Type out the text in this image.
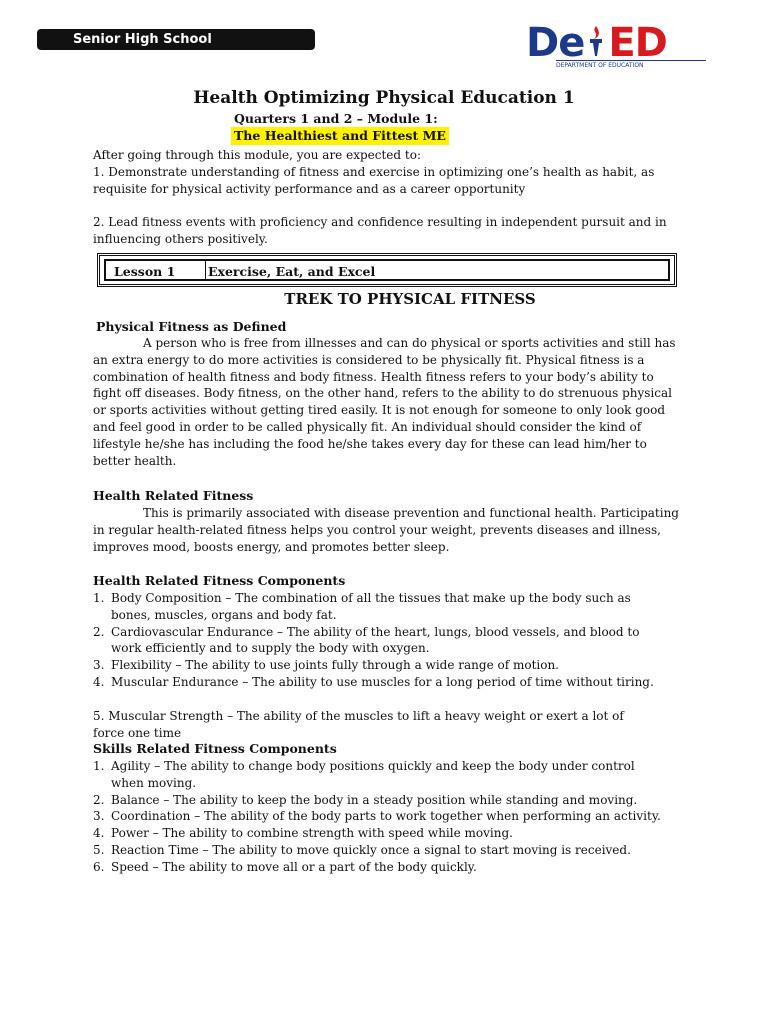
Senior High School	De ED
DEPARTMENT OF EDUCATION
Health Optimizing Physical Education 1
Quarters 1 and 2 – Module 1:
The Healthiest and Fittest ME

After going through this module, you are expected to:

1. Demonstrate understanding of fitness and exercise in optimizing one’s health as habit, as requisite for physical activity performance and as a career opportunity

2. Lead fitness events with proficiency and confidence resulting in independent pursuit and in influencing others positively.

Lesson 1	Exercise, Eat, and Excel
TREK TO PHYSICAL FITNESS
Physical Fitness as Defined

A person who is free from illnesses and can do physical or sports activities and still has an extra energy to do more activities is considered to be physically fit. Physical fitness is a combination of health fitness and body fitness. Health fitness refers to your body’s ability to fight off diseases. Body fitness, on the other hand, refers to the ability to do strenuous physical or sports activities without getting tired easily. It is not enough for someone to only look good and feel good in order to be called physically fit. An individual should consider the kind of lifestyle he/she has including the food he/she takes every day for these can lead him/her to better health.

Health Related Fitness

This is primarily associated with disease prevention and functional health. Participating in regular health-related fitness helps you control your weight, prevents diseases and illness, improves mood, boosts energy, and promotes better sleep.

Health Related Fitness Components
1. Body Composition – The combination of all the tissues that make up the body such as bones, muscles, organs and body fat.
2. Cardiovascular Endurance – The ability of the heart, lungs, blood vessels, and blood to work efficiently and to supply the body with oxygen.
3. Flexibility – The ability to use joints fully through a wide range of motion.
4. Muscular Endurance – The ability to use muscles for a long period of time without tiring.

5. Muscular Strength – The ability of the muscles to lift a heavy weight or exert a lot of force one time

Skills Related Fitness Components
1. Agility – The ability to change body positions quickly and keep the body under control when moving.
2. Balance – The ability to keep the body in a steady position while standing and moving.
3. Coordination – The ability of the body parts to work together when performing an activity.
4. Power – The ability to combine strength with speed while moving.
5. Reaction Time – The ability to move quickly once a signal to start moving is received.
6. Speed – The ability to move all or a part of the body quickly.
